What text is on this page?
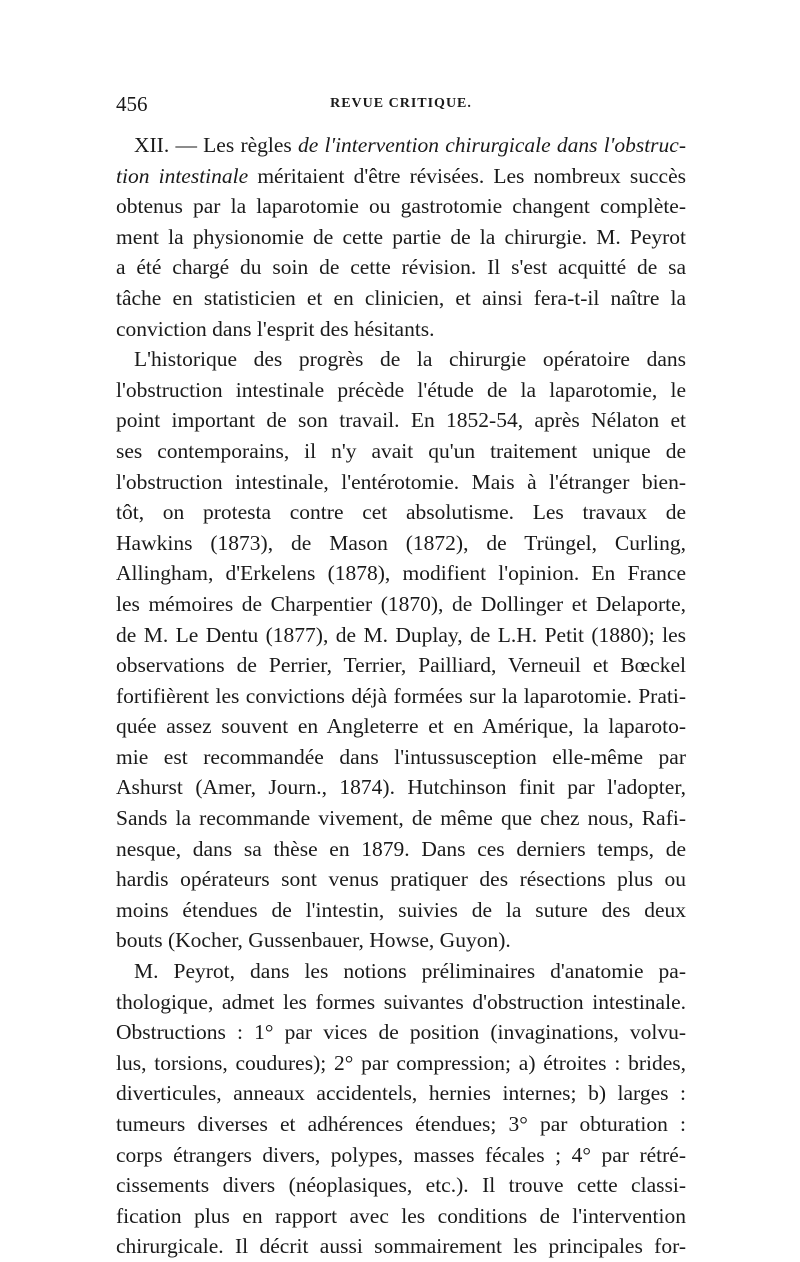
456	REVUE CRITIQUE.
XII. — Les règles de l'intervention chirurgicale dans l'obstruc-
tion intestinale méritaient d'être révisées. Les nombreux succès
obtenus par la laparotomie ou gastrotomie changent complète-
ment la physionomie de cette partie de la chirurgie. M. Peyrot
a été chargé du soin de cette révision. Il s'est acquitté de sa
tâche en statisticien et en clinicien, et ainsi fera-t-il naître la
conviction dans l'esprit des hésitants.
L'historique des progrès de la chirurgie opératoire dans
l'obstruction intestinale précède l'étude de la laparotomie, le
point important de son travail. En 1852-54, après Nélaton et
ses contemporains, il n'y avait qu'un traitement unique de
l'obstruction intestinale, l'entérotomie. Mais à l'étranger bien-
tôt, on protesta contre cet absolutisme. Les travaux de
Hawkins (1873), de Mason (1872), de Trüngel, Curling,
Allingham, d'Erkelens (1878), modifient l'opinion. En France
les mémoires de Charpentier (1870), de Dollinger et Delaporte,
de M. Le Dentu (1877), de M. Duplay, de L.H. Petit (1880); les
observations de Perrier, Terrier, Pailliard, Verneuil et Bœckel
fortifièrent les convictions déjà formées sur la laparotomie. Prati-
quée assez souvent en Angleterre et en Amérique, la laparoto-
mie est recommandée dans l'intussusception elle-même par
Ashurst (Amer, Journ., 1874). Hutchinson finit par l'adopter,
Sands la recommande vivement, de même que chez nous, Rafi-
nesque, dans sa thèse en 1879. Dans ces derniers temps, de
hardis opérateurs sont venus pratiquer des résections plus ou
moins étendues de l'intestin, suivies de la suture des deux
bouts (Kocher, Gussenbauer, Howse, Guyon).
M. Peyrot, dans les notions préliminaires d'anatomie pa-
thologique, admet les formes suivantes d'obstruction intestinale.
Obstructions : 1° par vices de position (invaginations, volvu-
lus, torsions, coudures); 2° par compression; a) étroites : brides,
diverticules, anneaux accidentels, hernies internes; b) larges :
tumeurs diverses et adhérences étendues; 3° par obturation :
corps étrangers divers, polypes, masses fécales ; 4° par rétré-
cissements divers (néoplasiques, etc.). Il trouve cette classi-
fication plus en rapport avec les conditions de l'intervention
chirurgicale. Il décrit aussi sommairement les principales for-
